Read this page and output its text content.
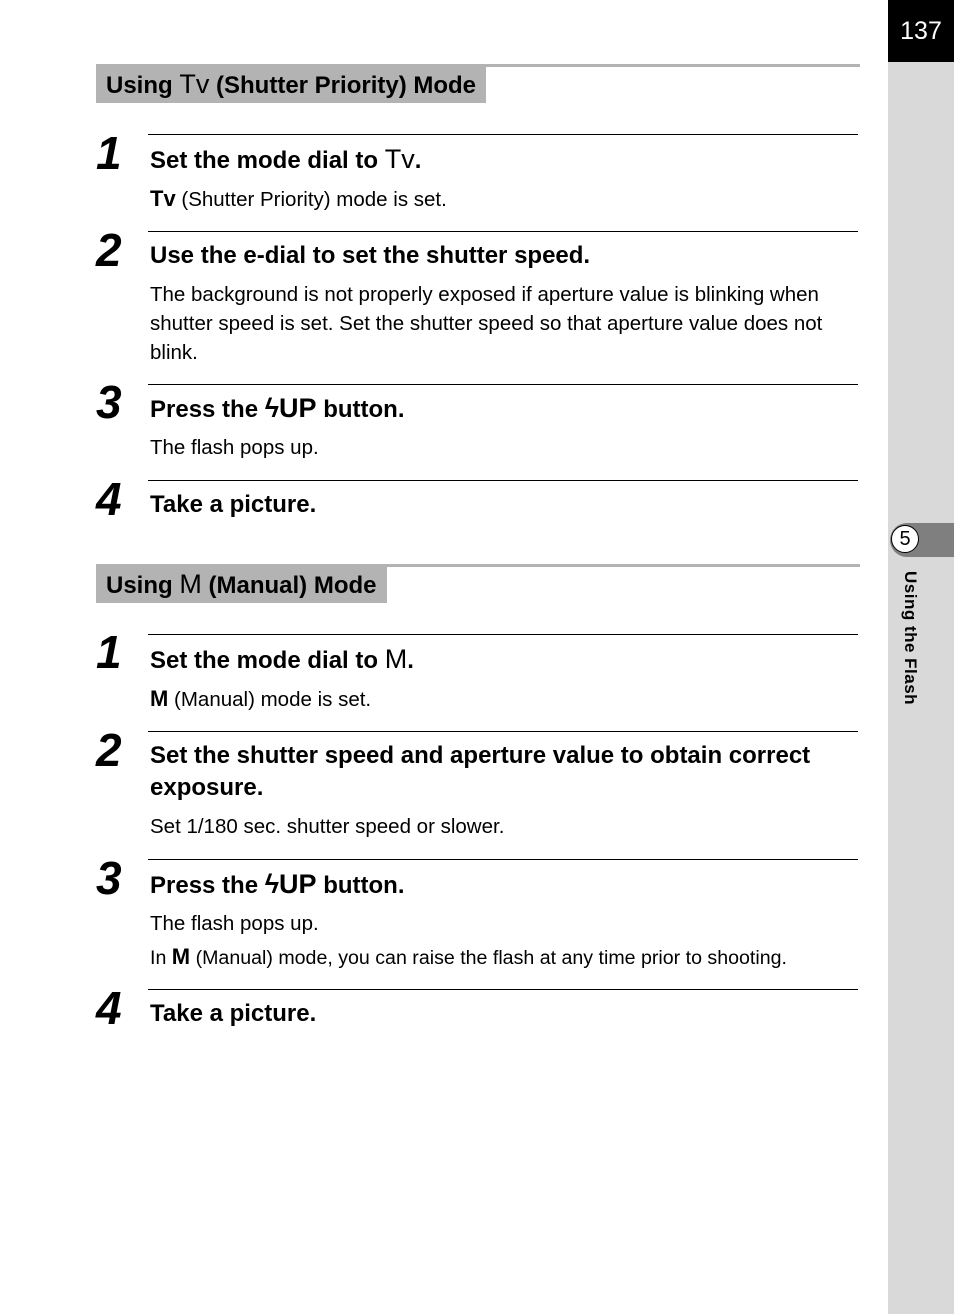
137
5
Using the Flash
Using Tv (Shutter Priority) Mode
1 Set the mode dial to Tv.
Tv (Shutter Priority) mode is set.
2 Use the e-dial to set the shutter speed.
The background is not properly exposed if aperture value is blinking when shutter speed is set. Set the shutter speed so that aperture value does not blink.
3 Press the ϟUP button.
The flash pops up.
4 Take a picture.
Using M (Manual) Mode
1 Set the mode dial to M.
M (Manual) mode is set.
2 Set the shutter speed and aperture value to obtain correct exposure.
Set 1/180 sec. shutter speed or slower.
3 Press the ϟUP button.
The flash pops up.
In M (Manual) mode, you can raise the flash at any time prior to shooting.
4 Take a picture.
